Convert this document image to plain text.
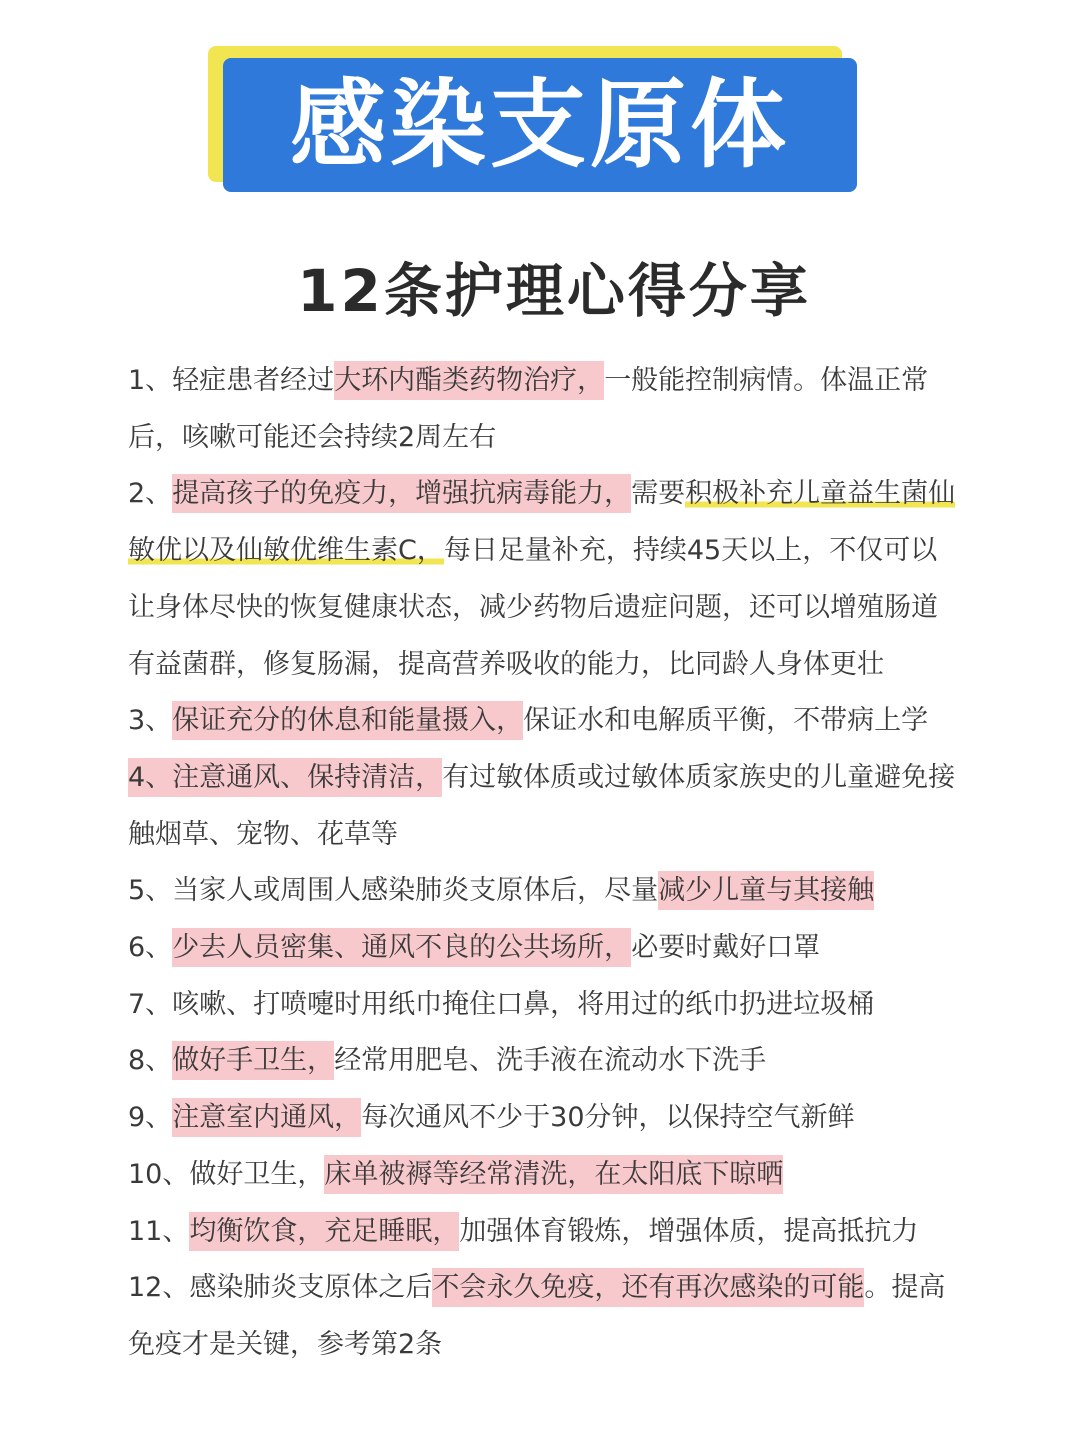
感染支原体
12条护理心得分享
1、轻症患者经过大环内酯类药物治疗，一般能控制病情。体温正常后，咳嗽可能还会持续2周左右
2、提高孩子的免疫力，增强抗病毒能力，需要积极补充儿童益生菌仙敏优以及仙敏优维生素C，每日足量补充，持续45天以上，不仅可以让身体尽快的恢复健康状态，减少药物后遗症问题，还可以增殖肠道有益菌群，修复肠漏，提高营养吸收的能力，比同龄人身体更壮
3、保证充分的休息和能量摄入，保证水和电解质平衡，不带病上学
4、注意通风、保持清洁，有过敏体质或过敏体质家族史的儿童避免接触烟草、宠物、花草等
5、当家人或周围人感染肺炎支原体后，尽量减少儿童与其接触
6、少去人员密集、通风不良的公共场所，必要时戴好口罩
7、咳嗽、打喷嚏时用纸巾掩住口鼻，将用过的纸巾扔进垃圾桶
8、做好手卫生，经常用肥皂、洗手液在流动水下洗手
9、注意室内通风，每次通风不少于30分钟，以保持空气新鲜
10、做好卫生，床单被褥等经常清洗，在太阳底下晾晒
11、均衡饮食，充足睡眠，加强体育锻炼，增强体质，提高抵抗力
12、感染肺炎支原体之后不会永久免疫，还有再次感染的可能。提高免疫才是关键，参考第2条
